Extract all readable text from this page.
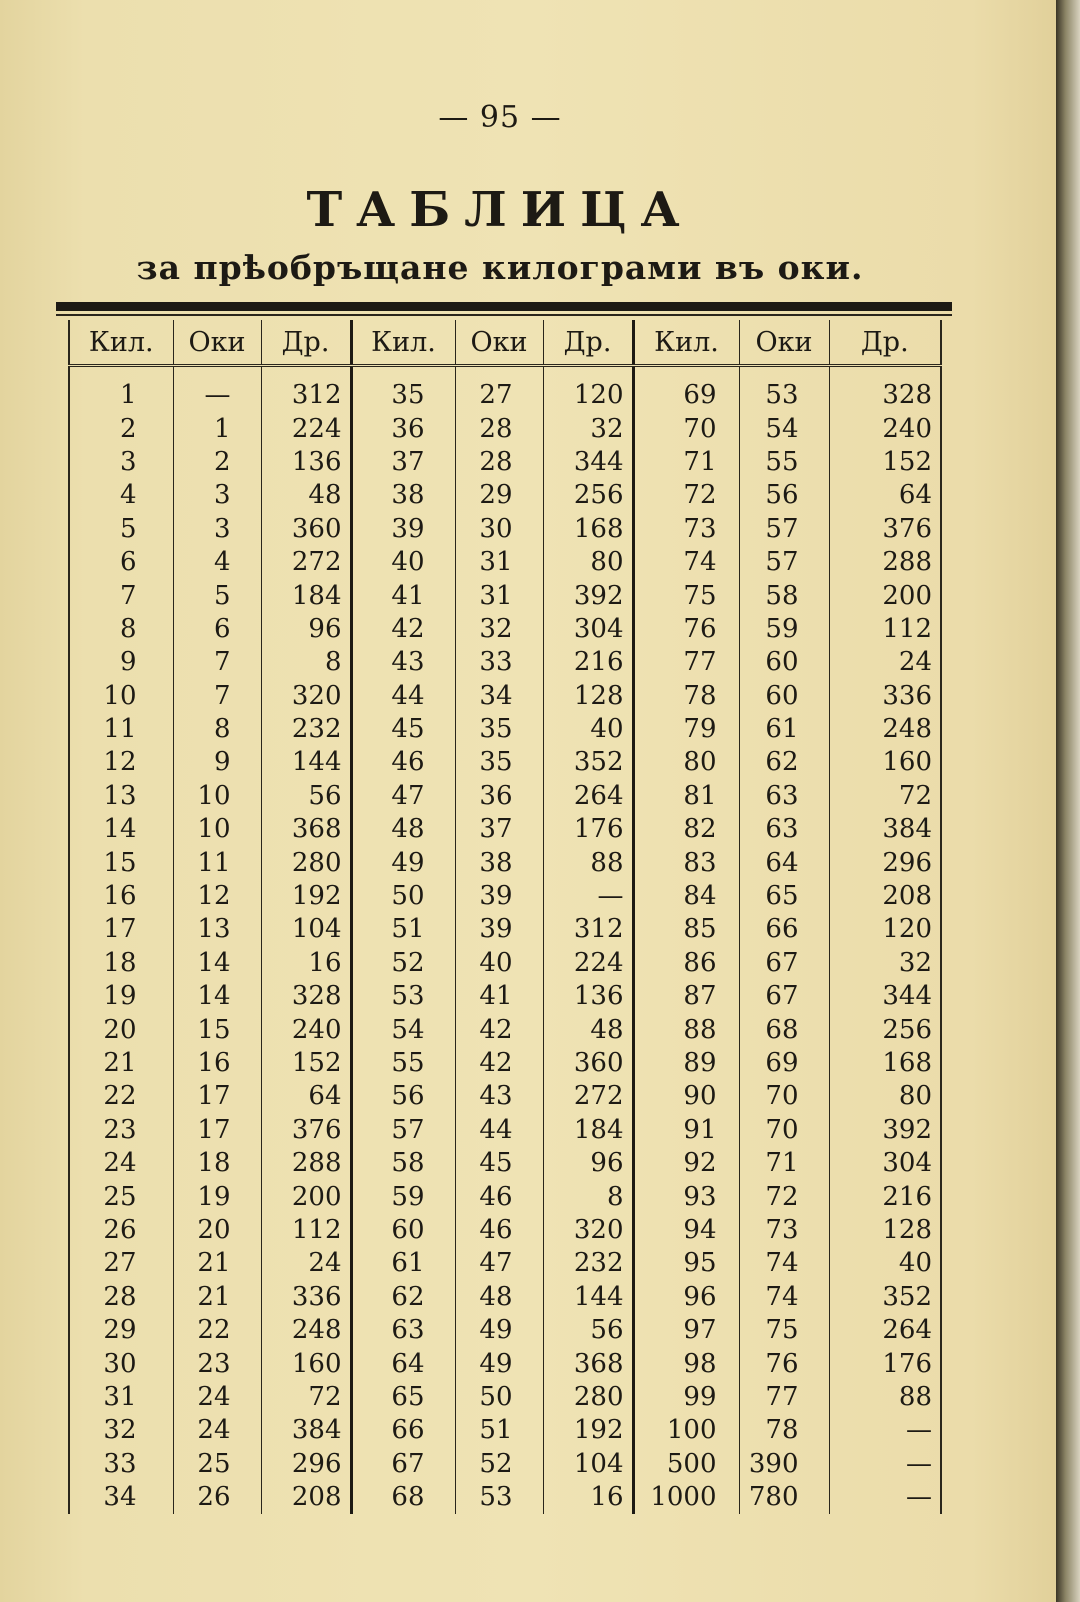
— 95 —
ТАБЛИЦА
за прѣобръщане килограми въ оки.
Кил.	Оки	Др.	Кил.	Оки	Др.	Кил.	Оки	Др.
1	—	312	35	27	120	69	53	328
2	1	224	36	28	32	70	54	240
3	2	136	37	28	344	71	55	152
4	3	48	38	29	256	72	56	64
5	3	360	39	30	168	73	57	376
6	4	272	40	31	80	74	57	288
7	5	184	41	31	392	75	58	200
8	6	96	42	32	304	76	59	112
9	7	8	43	33	216	77	60	24
10	7	320	44	34	128	78	60	336
11	8	232	45	35	40	79	61	248
12	9	144	46	35	352	80	62	160
13	10	56	47	36	264	81	63	72
14	10	368	48	37	176	82	63	384
15	11	280	49	38	88	83	64	296
16	12	192	50	39	—	84	65	208
17	13	104	51	39	312	85	66	120
18	14	16	52	40	224	86	67	32
19	14	328	53	41	136	87	67	344
20	15	240	54	42	48	88	68	256
21	16	152	55	42	360	89	69	168
22	17	64	56	43	272	90	70	80
23	17	376	57	44	184	91	70	392
24	18	288	58	45	96	92	71	304
25	19	200	59	46	8	93	72	216
26	20	112	60	46	320	94	73	128
27	21	24	61	47	232	95	74	40
28	21	336	62	48	144	96	74	352
29	22	248	63	49	56	97	75	264
30	23	160	64	49	368	98	76	176
31	24	72	65	50	280	99	77	88
32	24	384	66	51	192	100	78	—
33	25	296	67	52	104	500	390	—
34	26	208	68	53	16	1000	780	—
